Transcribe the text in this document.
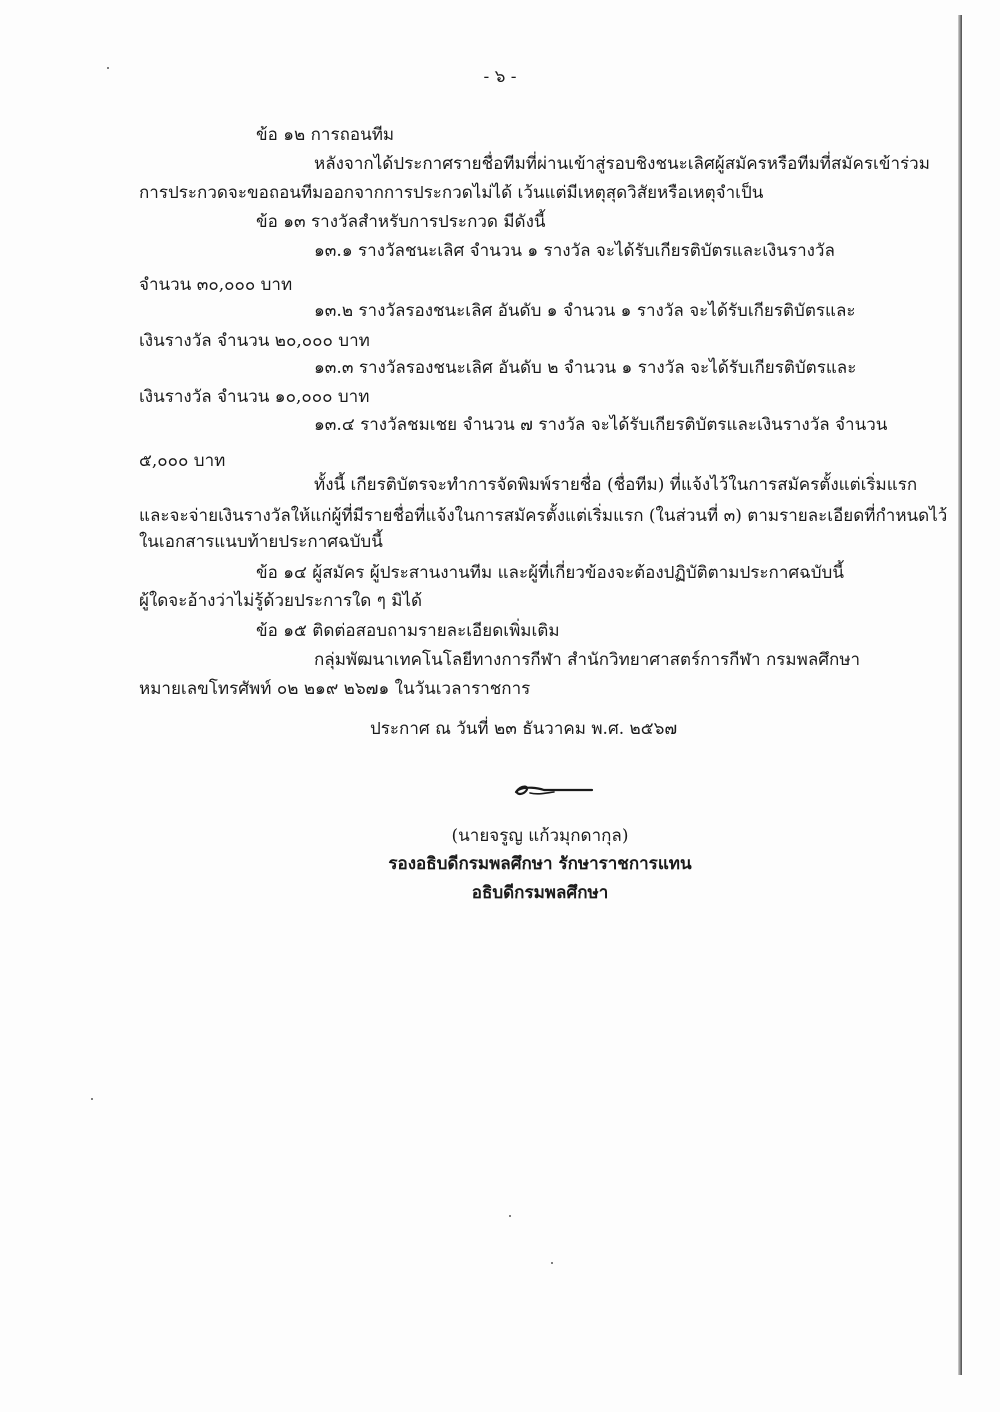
- ๖ -
ข้อ ๑๒ การถอนทีม
หลังจากได้ประกาศรายชื่อทีมที่ผ่านเข้าสู่รอบชิงชนะเลิศ ผู้สมัครหรือทีมที่สมัครเข้าร่วม
การประกวดจะขอถอนทีมออกจากการประกวดไม่ได้ เว้นแต่มีเหตุสุดวิสัยหรือเหตุจำเป็น
ข้อ ๑๓ รางวัลสำหรับการประกวด มีดังนี้
๑๓.๑ รางวัลชนะเลิศ จำนวน ๑ รางวัล จะได้รับเกียรติบัตรและเงินรางวัล
จำนวน ๓๐,๐๐๐ บาท
๑๓.๒ รางวัลรองชนะเลิศ อันดับ ๑ จำนวน ๑ รางวัล จะได้รับเกียรติบัตรและ
เงินรางวัล จำนวน ๒๐,๐๐๐ บาท
๑๓.๓ รางวัลรองชนะเลิศ อันดับ ๒ จำนวน ๑ รางวัล จะได้รับเกียรติบัตรและ
เงินรางวัล จำนวน ๑๐,๐๐๐ บาท
๑๓.๔ รางวัลชมเชย จำนวน ๗ รางวัล จะได้รับเกียรติบัตรและเงินรางวัล จำนวน
๕,๐๐๐ บาท
ทั้งนี้ เกียรติบัตรจะทำการจัดพิมพ์รายชื่อ (ชื่อทีม) ที่แจ้งไว้ในการสมัครตั้งแต่เริ่มแรก
และจะจ่ายเงินรางวัลให้แก่ผู้ที่มีรายชื่อที่แจ้งในการสมัครตั้งแต่เริ่มแรก (ในส่วนที่ ๓) ตามรายละเอียดที่กำหนดไว้
ในเอกสารแนบท้ายประกาศฉบับนี้
ข้อ ๑๔ ผู้สมัคร ผู้ประสานงานทีม และผู้ที่เกี่ยวข้องจะต้องปฏิบัติตามประกาศฉบับนี้
ผู้ใดจะอ้างว่าไม่รู้ด้วยประการใด ๆ มิได้
ข้อ ๑๕ ติดต่อสอบถามรายละเอียดเพิ่มเติม
กลุ่มพัฒนาเทคโนโลยีทางการกีฬา สำนักวิทยาศาสตร์การกีฬา กรมพลศึกษา
หมายเลขโทรศัพท์ ๐๒ ๒๑๙ ๒๖๗๑ ในวันเวลาราชการ
ประกาศ ณ วันที่ ๒๓ ธันวาคม พ.ศ. ๒๕๖๗
(นายจรูญ แก้วมุกดากุล)
รองอธิบดีกรมพลศึกษา รักษาราชการแทน
อธิบดีกรมพลศึกษา
